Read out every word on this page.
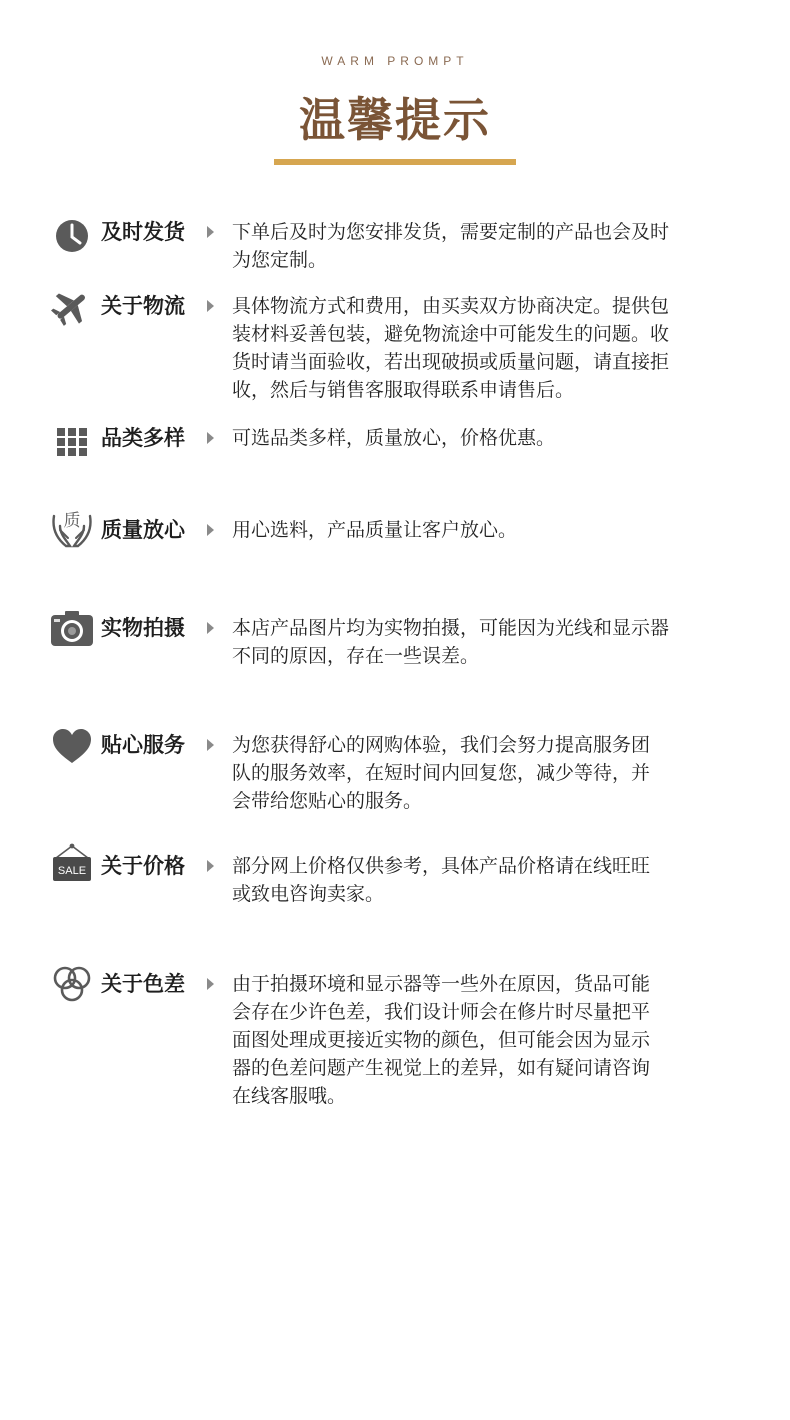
WARM PROMPT
温馨提示
及时发货 下单后及时为您安排发货，需要定制的产品也会及时
为您定制。
关于物流 具体物流方式和费用，由买卖双方协商决定。提供包
装材料妥善包装，避免物流途中可能发生的问题。收
货时请当面验收，若出现破损或质量问题，请直接拒
收，然后与销售客服取得联系申请售后。
品类多样 可选品类多样，质量放心，价格优惠。
质 质量放心 用心选料，产品质量让客户放心。
实物拍摄 本店产品图片均为实物拍摄，可能因为光线和显示器
不同的原因，存在一些误差。
贴心服务 为您获得舒心的网购体验，我们会努力提高服务团
队的服务效率，在短时间内回复您，减少等待，并
会带给您贴心的服务。
SALE 关于价格 部分网上价格仅供参考，具体产品价格请在线旺旺
或致电咨询卖家。
关于色差 由于拍摄环境和显示器等一些外在原因，货品可能
会存在少许色差，我们设计师会在修片时尽量把平
面图处理成更接近实物的颜色，但可能会因为显示
器的色差问题产生视觉上的差异，如有疑问请咨询
在线客服哦。
